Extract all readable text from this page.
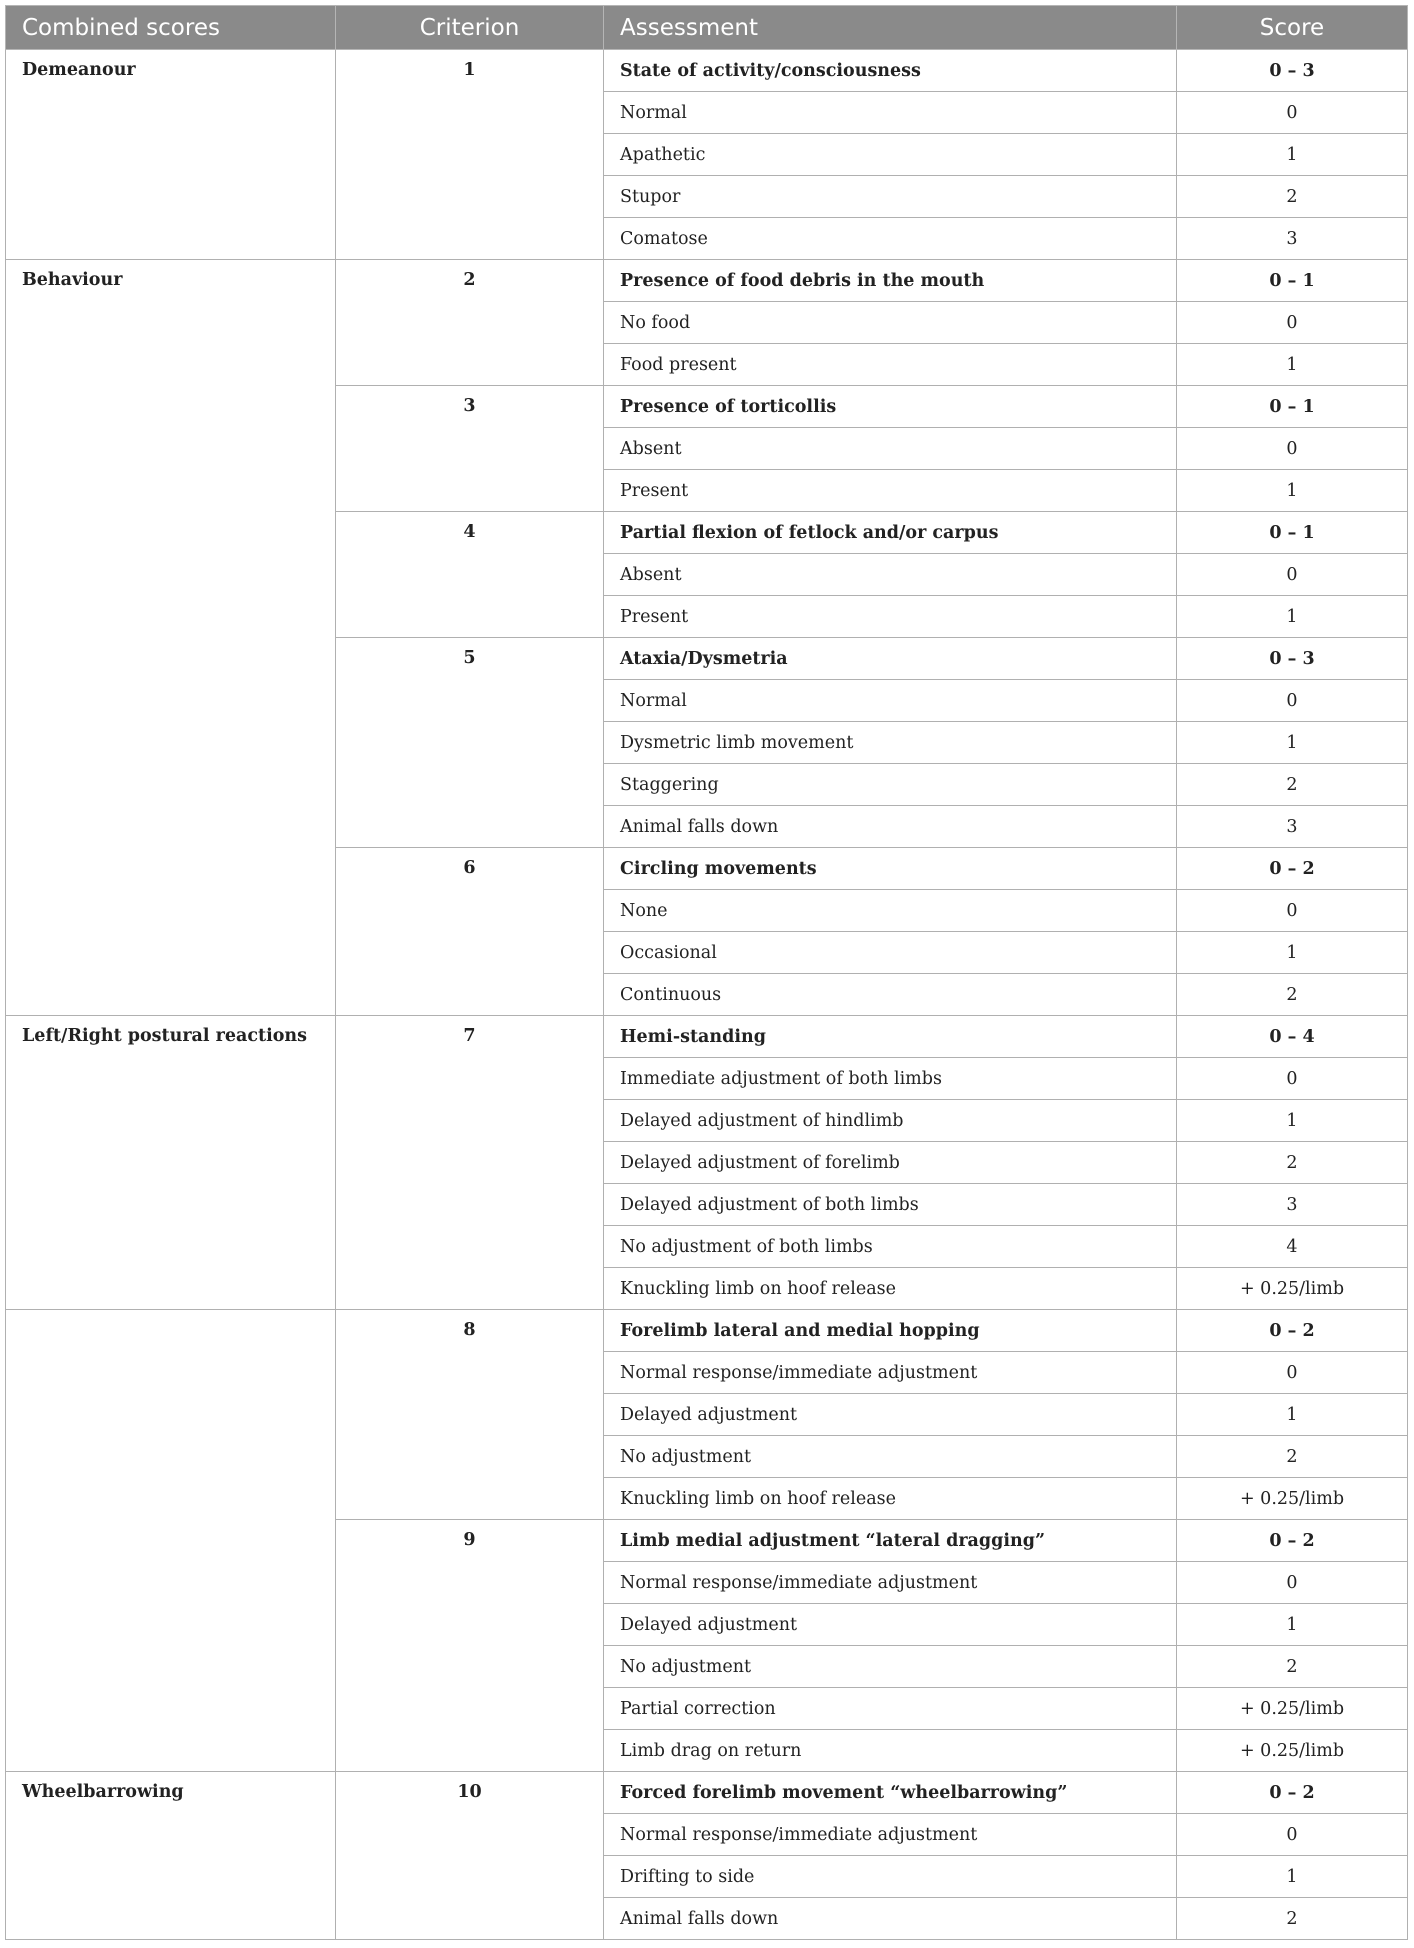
Combined scores	Criterion	Assessment	Score
Demeanour	1	State of activity/consciousness	0 – 3
		Normal	0
		Apathetic	1
		Stupor	2
		Comatose	3
Behaviour	2	Presence of food debris in the mouth	0 – 1
		No food	0
		Food present	1
	3	Presence of torticollis	0 – 1
		Absent	0
		Present	1
	4	Partial flexion of fetlock and/or carpus	0 – 1
		Absent	0
		Present	1
	5	Ataxia/Dysmetria	0 – 3
		Normal	0
		Dysmetric limb movement	1
		Staggering	2
		Animal falls down	3
	6	Circling movements	0 – 2
		None	0
		Occasional	1
		Continuous	2
Left/Right postural reactions	7	Hemi-standing	0 – 4
		Immediate adjustment of both limbs	0
		Delayed adjustment of hindlimb	1
		Delayed adjustment of forelimb	2
		Delayed adjustment of both limbs	3
		No adjustment of both limbs	4
		Knuckling limb on hoof release	+ 0.25/limb
	8	Forelimb lateral and medial hopping	0 – 2
		Normal response/immediate adjustment	0
		Delayed adjustment	1
		No adjustment	2
		Knuckling limb on hoof release	+ 0.25/limb
	9	Limb medial adjustment “lateral dragging”	0 – 2
		Normal response/immediate adjustment	0
		Delayed adjustment	1
		No adjustment	2
		Partial correction	+ 0.25/limb
		Limb drag on return	+ 0.25/limb
Wheelbarrowing	10	Forced forelimb movement “wheelbarrowing”	0 – 2
		Normal response/immediate adjustment	0
		Drifting to side	1
		Animal falls down	2
